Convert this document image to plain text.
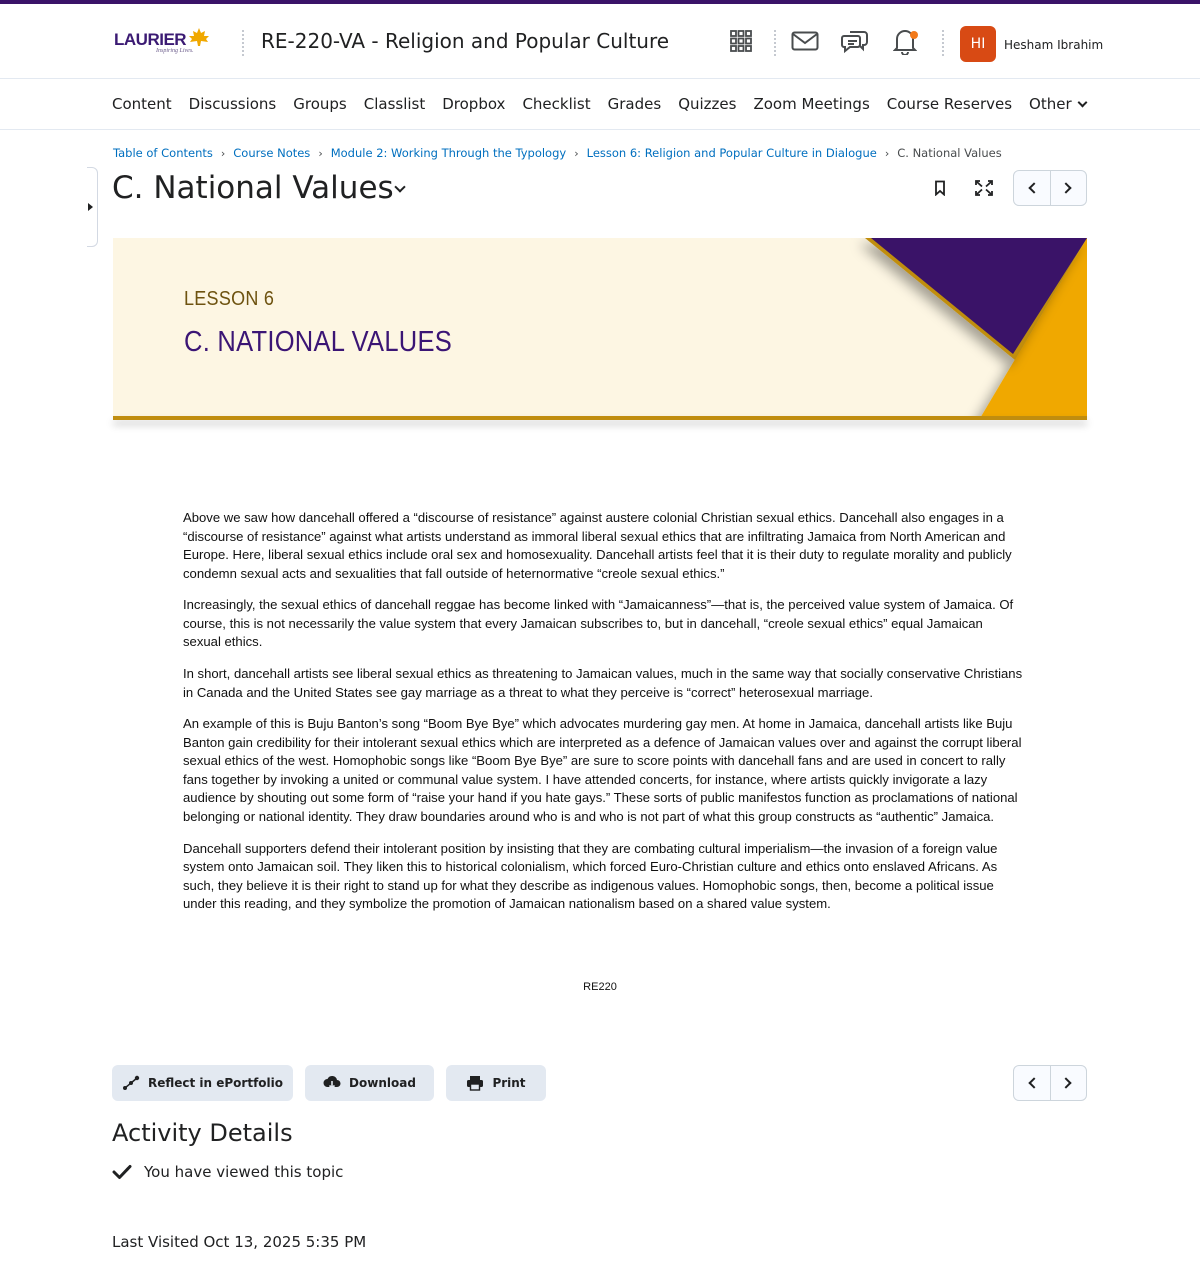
LAURIER
Inspiring Lives.	RE-220-VA - Religion and Popular Culture	HI	Hesham Ibrahim
Content Discussions Groups Classlist Dropbox Checklist Grades Quizzes Zoom Meetings Course Reserves Other
Table of Contents › Course Notes › Module 2: Working Through the Typology › Lesson 6: Religion and Popular Culture in Dialogue › C. National Values
C. National Values
LESSON 6
C. NATIONAL VALUES

Above we saw how dancehall offered a “discourse of resistance” against austere colonial Christian sexual ethics. Dancehall also engages in a “discourse of resistance” against what artists understand as immoral liberal sexual ethics that are infiltrating Jamaica from North American and Europe. Here, liberal sexual ethics include oral sex and homosexuality. Dancehall artists feel that it is their duty to regulate morality and publicly condemn sexual acts and sexualities that fall outside of heternormative “creole sexual ethics.”

Increasingly, the sexual ethics of dancehall reggae has become linked with “Jamaicanness”—that is, the perceived value system of Jamaica. Of course, this is not necessarily the value system that every Jamaican subscribes to, but in dancehall, “creole sexual ethics” equal Jamaican sexual ethics.

In short, dancehall artists see liberal sexual ethics as threatening to Jamaican values, much in the same way that socially conservative Christians in Canada and the United States see gay marriage as a threat to what they perceive is “correct” heterosexual marriage.

An example of this is Buju Banton’s song “Boom Bye Bye” which advocates murdering gay men. At home in Jamaica, dancehall artists like Buju Banton gain credibility for their intolerant sexual ethics which are interpreted as a defence of Jamaican values over and against the corrupt liberal sexual ethics of the west. Homophobic songs like “Boom Bye Bye” are sure to score points with dancehall fans and are used in concert to rally fans together by invoking a united or communal value system. I have attended concerts, for instance, where artists quickly invigorate a lazy audience by shouting out some form of “raise your hand if you hate gays.” These sorts of public manifestos function as proclamations of national belonging or national identity. They draw boundaries around who is and who is not part of what this group constructs as “authentic” Jamaica.

Dancehall supporters defend their intolerant position by insisting that they are combating cultural imperialism—the invasion of a foreign value system onto Jamaican soil. They liken this to historical colonialism, which forced Euro-Christian culture and ethics onto enslaved Africans. As such, they believe it is their right to stand up for what they describe as indigenous values. Homophobic songs, then, become a political issue under this reading, and they symbolize the promotion of Jamaican nationalism based on a shared value system.

RE220
Reflect in ePortfolio	Download	Print
Activity Details
You have viewed this topic
Last Visited Oct 13, 2025 5:35 PM
